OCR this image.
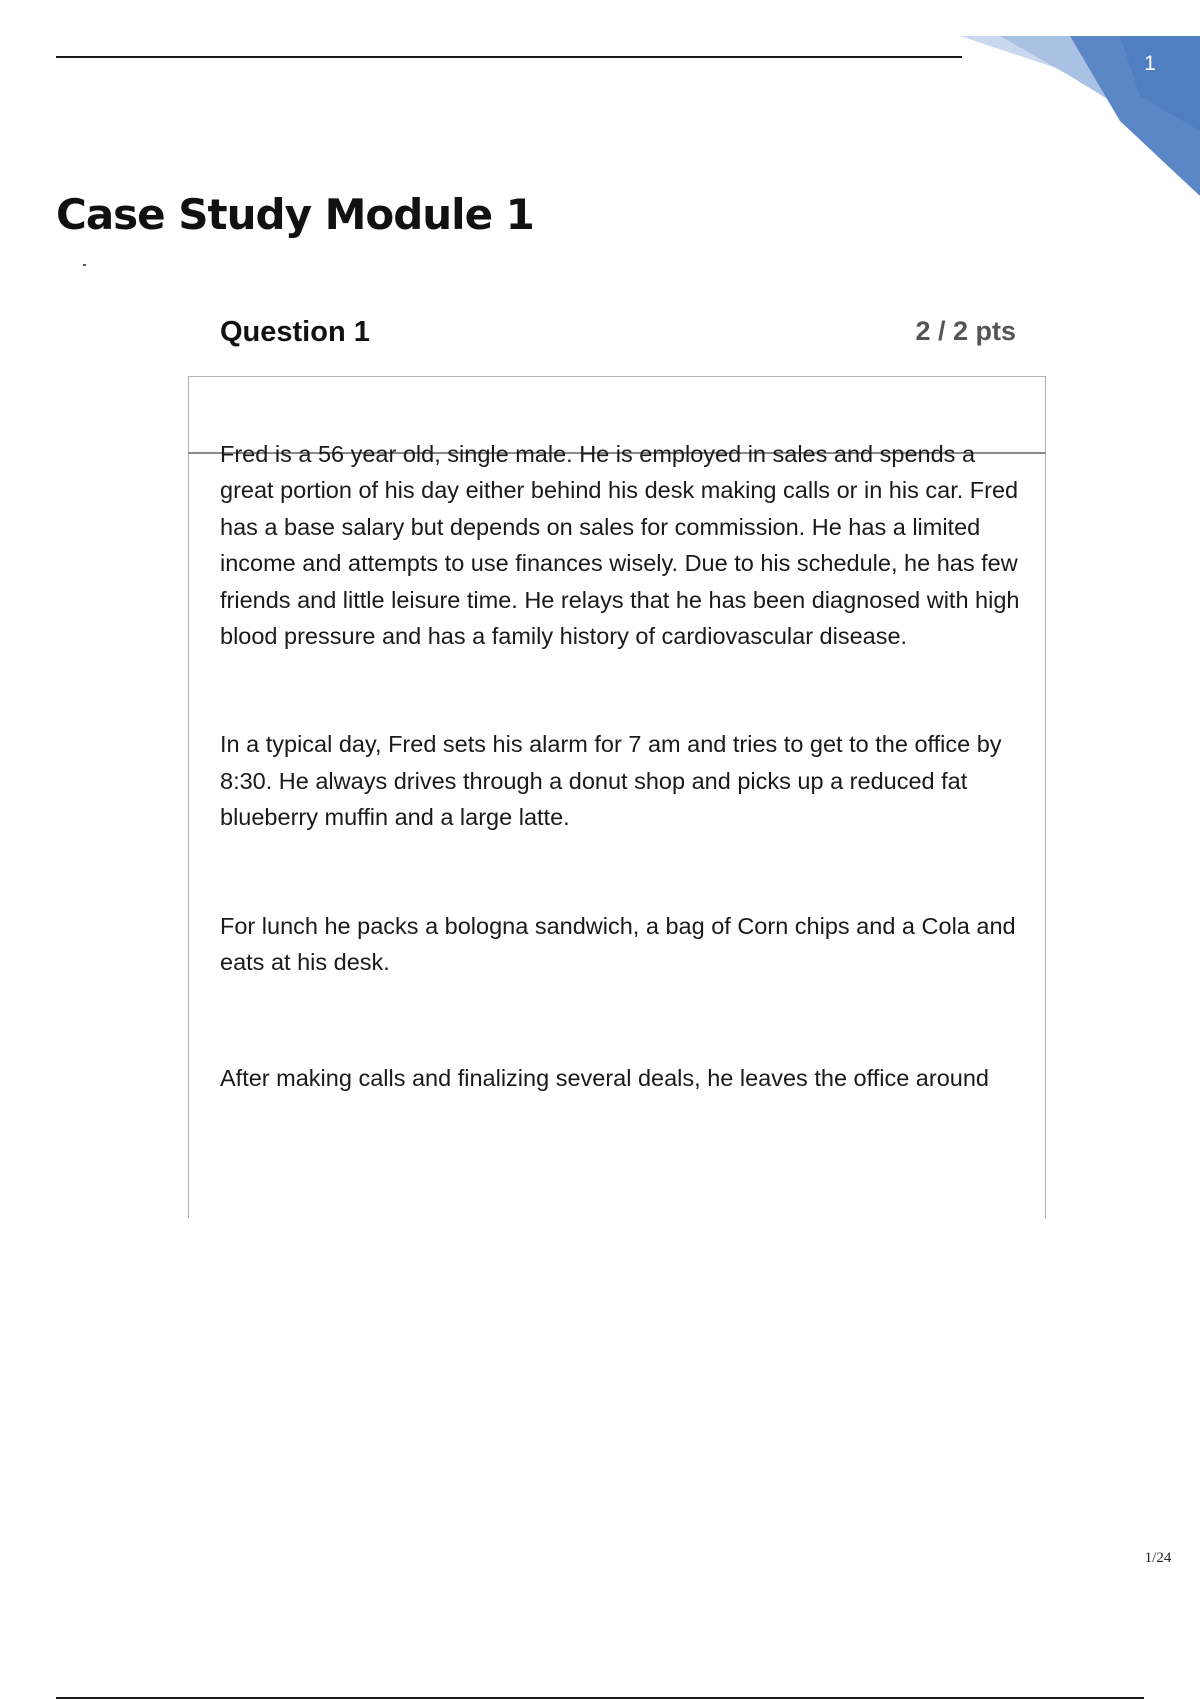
1
Case Study Module 1
Question 1	2 / 2 pts

Fred is a 56 year old, single male. He is employed in sales and spends a great portion of his day either behind his desk making calls or in his car. Fred has a base salary but depends on sales for commission. He has a limited income and attempts to use finances wisely. Due to his schedule, he has few friends and little leisure time. He relays that he has been diagnosed with high blood pressure and has a family history of cardiovascular disease.

In a typical day, Fred sets his alarm for 7 am and tries to get to the office by 8:30. He always drives through a donut shop and picks up a reduced fat blueberry muffin and a large latte.

For lunch he packs a bologna sandwich, a bag of Corn chips and a Cola and eats at his desk.

After making calls and finalizing several deals, he leaves the office around

1/24
